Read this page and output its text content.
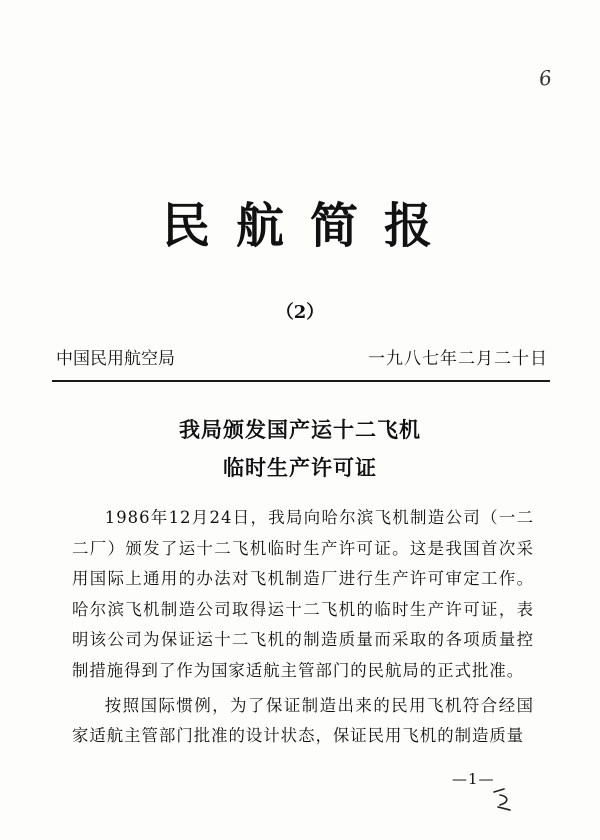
6
民航简报
（2）
中国民用航空局	一九八七年二月二十日
我局颁发国产运十二飞机
临时生产许可证

1986年12月24日，我局向哈尔滨飞机制造公司（一二二厂）颁发了运十二飞机临时生产许可证。这是我国首次采用国际上通用的办法对飞机制造厂进行生产许可审定工作。哈尔滨飞机制造公司取得运十二飞机的临时生产许可证，表明该公司为保证运十二飞机的制造质量而采取的各项质量控制措施得到了作为国家适航主管部门的民航局的正式批准。

按照国际惯例，为了保证制造出来的民用飞机符合经国家适航主管部门批准的设计状态，保证民用飞机的制造质量

—1—
